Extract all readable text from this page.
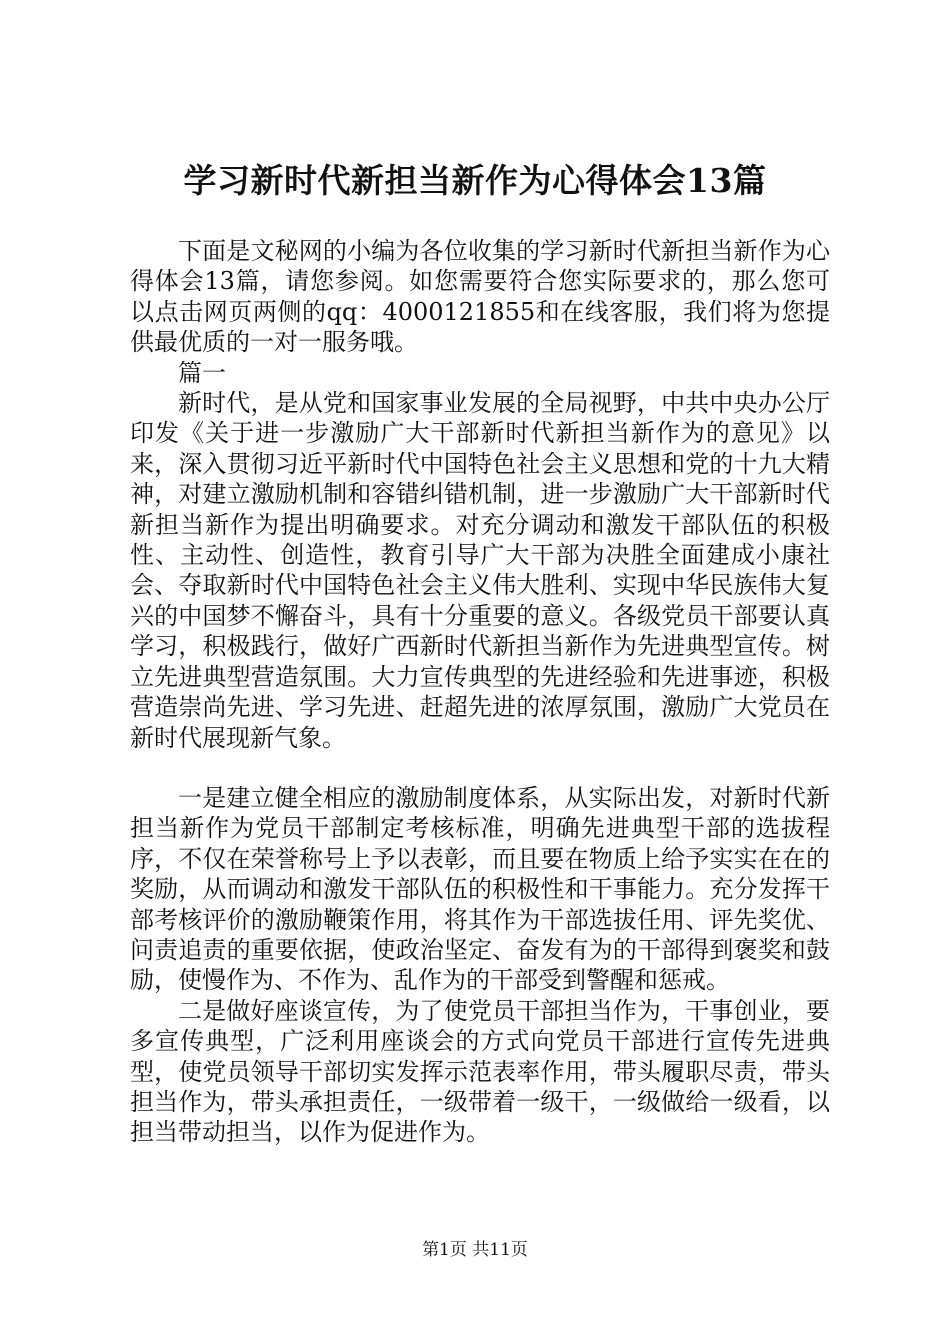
学习新时代新担当新作为心得体会13篇

下面是文秘网的小编为各位收集的学习新时代新担当新作为心得体会13篇，请您参阅。如您需要符合您实际要求的，那么您可以点击网页两侧的qq：4000121855和在线客服，我们将为您提供最优质的一对一服务哦。

篇一

新时代，是从党和国家事业发展的全局视野，中共中央办公厅印发《关于进一步激励广大干部新时代新担当新作为的意见》以来，深入贯彻习近平新时代中国特色社会主义思想和党的十九大精神，对建立激励机制和容错纠错机制，进一步激励广大干部新时代新担当新作为提出明确要求。对充分调动和激发干部队伍的积极性、主动性、创造性，教育引导广大干部为决胜全面建成小康社会、夺取新时代中国特色社会主义伟大胜利、实现中华民族伟大复兴的中国梦不懈奋斗，具有十分重要的意义。各级党员干部要认真学习，积极践行，做好广西新时代新担当新作为先进典型宣传。树立先进典型营造氛围。大力宣传典型的先进经验和先进事迹，积极营造崇尚先进、学习先进、赶超先进的浓厚氛围，激励广大党员在新时代展现新气象。

一是建立健全相应的激励制度体系，从实际出发，对新时代新担当新作为党员干部制定考核标准，明确先进典型干部的选拔程序，不仅在荣誉称号上予以表彰，而且要在物质上给予实实在在的奖励，从而调动和激发干部队伍的积极性和干事能力。充分发挥干部考核评价的激励鞭策作用，将其作为干部选拔任用、评先奖优、问责追责的重要依据，使政治坚定、奋发有为的干部得到褒奖和鼓励，使慢作为、不作为、乱作为的干部受到警醒和惩戒。

二是做好座谈宣传，为了使党员干部担当作为，干事创业，要多宣传典型，广泛利用座谈会的方式向党员干部进行宣传先进典型，使党员领导干部切实发挥示范表率作用，带头履职尽责，带头担当作为，带头承担责任，一级带着一级干，一级做给一级看，以担当带动担当，以作为促进作为。

第1页 共11页
